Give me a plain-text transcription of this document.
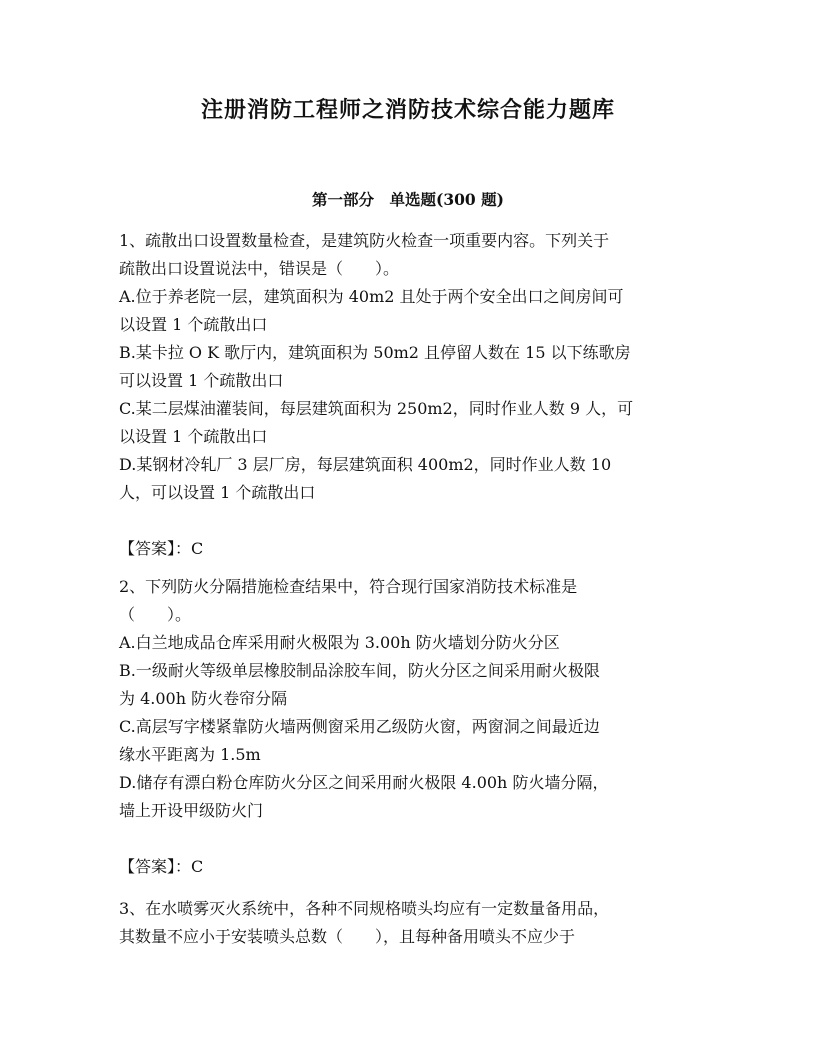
注册消防工程师之消防技术综合能力题库
第一部分　单选题(300 题)
1、疏散出口设置数量检查，是建筑防火检查一项重要内容。下列关于
疏散出口设置说法中，错误是（　　）。
A.位于养老院一层，建筑面积为 40m2 且处于两个安全出口之间房间可
以设置 1 个疏散出口
B.某卡拉 O K 歌厅内，建筑面积为 50m2 且停留人数在 15 以下练歌房
可以设置 1 个疏散出口
C.某二层煤油灌装间，每层建筑面积为 250m2，同时作业人数 9 人，可
以设置 1 个疏散出口
D.某钢材冷轧厂 3 层厂房，每层建筑面积 400m2，同时作业人数 10
人，可以设置 1 个疏散出口
【答案】：C
2、下列防火分隔措施检查结果中，符合现行国家消防技术标准是
（　　）。
A.白兰地成品仓库采用耐火极限为 3.00h 防火墙划分防火分区
B.一级耐火等级单层橡胶制品涂胶车间，防火分区之间采用耐火极限
为 4.00h 防火卷帘分隔
C.高层写字楼紧靠防火墙两侧窗采用乙级防火窗，两窗洞之间最近边
缘水平距离为 1.5m
D.储存有漂白粉仓库防火分区之间采用耐火极限 4.00h 防火墙分隔，
墙上开设甲级防火门
【答案】：C
3、在水喷雾灭火系统中，各种不同规格喷头均应有一定数量备用品，
其数量不应小于安装喷头总数（　　），且每种备用喷头不应少于
